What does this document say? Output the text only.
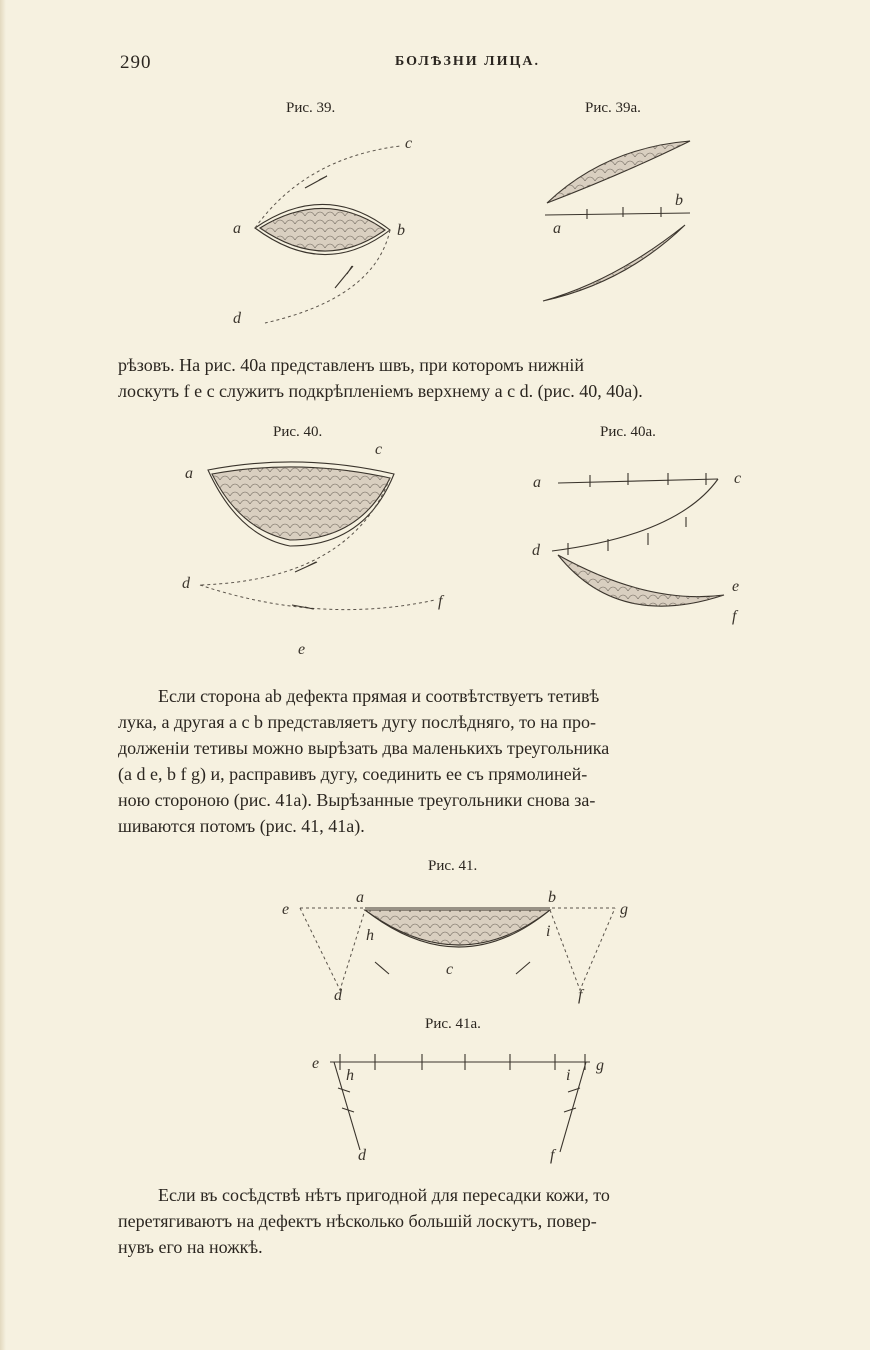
290	БОЛѢЗНИ ЛИЦА.
Рис. 39.
a	b
c
d
Рис. 39a.
a
b
рѣзовъ. На рис. 40a представленъ швъ, при которомъ нижній
лоскутъ f e c служитъ подкрѣпленіемъ верхнему a c d. (рис. 40, 40a).
Рис. 40.
a
c
d
f
e
Рис. 40a.
a	c
d
e
f
Если сторона ab дефекта прямая и соотвѣтствуетъ тетивѣ
лука, а другая a c b представляетъ дугу послѣдняго, то на про-
долженіи тетивы можно вырѣзать два маленькихъ треугольника
(a d e, b f g) и, расправивъ дугу, соединить ее съ прямолиней-
ною стороною (рис. 41a). Вырѣзанные треугольники снова за-
шиваются потомъ (рис. 41, 41a).
Рис. 41.
e
a	b
g
h	i
c
d	f
Рис. 41a.
e
h	i
g
d	f
Если въ сосѣдствѣ нѣтъ пригодной для пересадки кожи, то
перетягиваютъ на дефектъ нѣсколько большій лоскутъ, повер-
нувъ его на ножкѣ.
